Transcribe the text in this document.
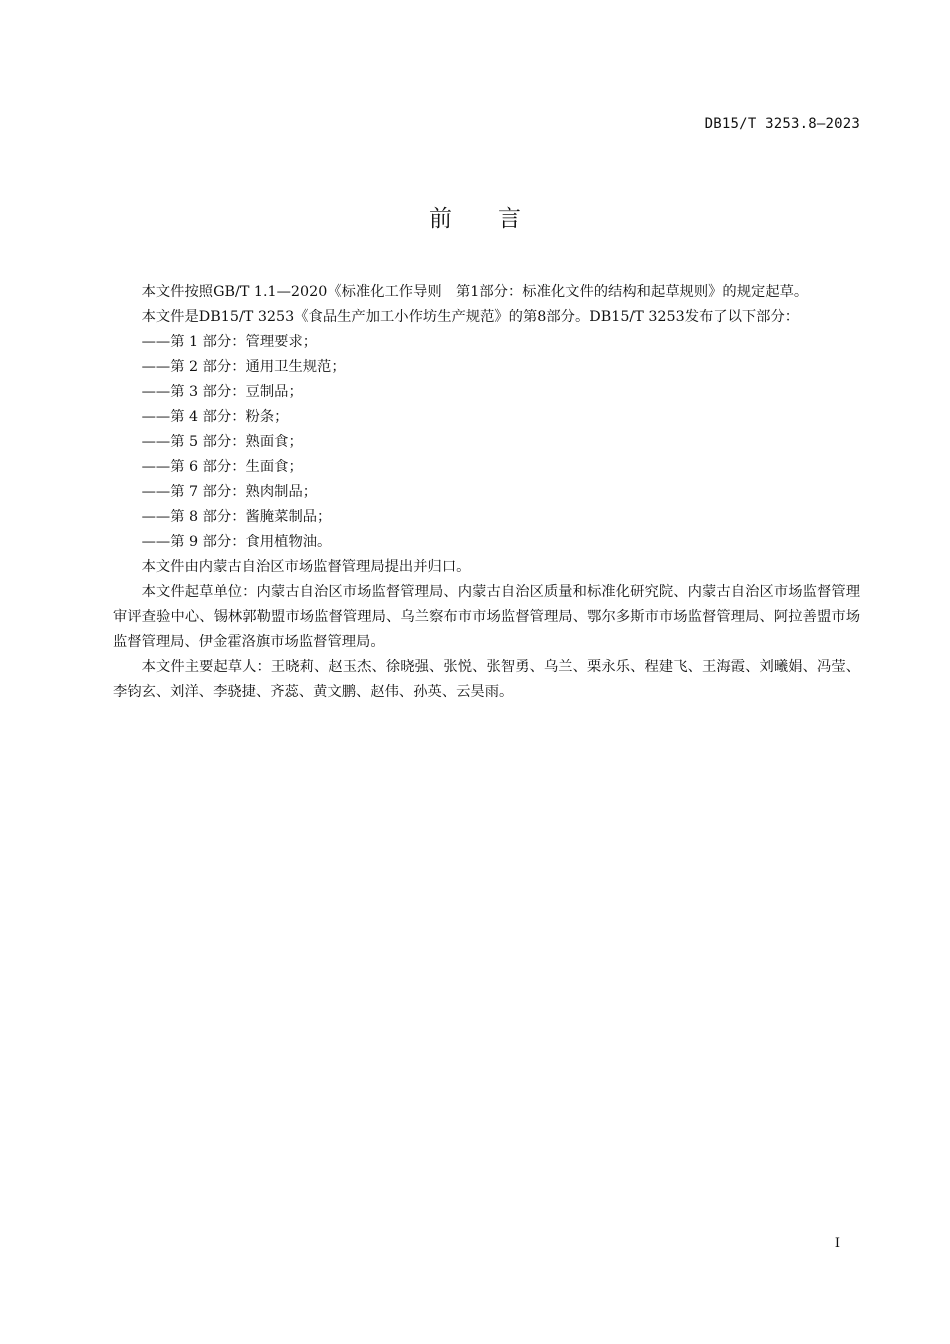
DB15/T 3253.8—2023
前言

本文件按照GB/T 1.1—2020《标准化工作导则　第1部分：标准化文件的结构和起草规则》的规定起草。

本文件是DB15/T 3253《食品生产加工小作坊生产规范》的第8部分。DB15/T 3253发布了以下部分：

——第 1 部分：管理要求；

——第 2 部分：通用卫生规范；

——第 3 部分：豆制品；

——第 4 部分：粉条；

——第 5 部分：熟面食；

——第 6 部分：生面食；

——第 7 部分：熟肉制品；

——第 8 部分：酱腌菜制品；

——第 9 部分：食用植物油。

本文件由内蒙古自治区市场监督管理局提出并归口。

本文件起草单位：内蒙古自治区市场监督管理局、内蒙古自治区质量和标准化研究院、内蒙古自治区市场监督管理审评查验中心、锡林郭勒盟市场监督管理局、乌兰察布市市场监督管理局、鄂尔多斯市市场监督管理局、阿拉善盟市场监督管理局、伊金霍洛旗市场监督管理局。

本文件主要起草人：王晓莉、赵玉杰、徐晓强、张悦、张智勇、乌兰、栗永乐、程建飞、王海霞、刘曦娟、冯莹、李钧玄、刘洋、李骁捷、齐蕊、黄文鹏、赵伟、孙英、云昊雨。

I
